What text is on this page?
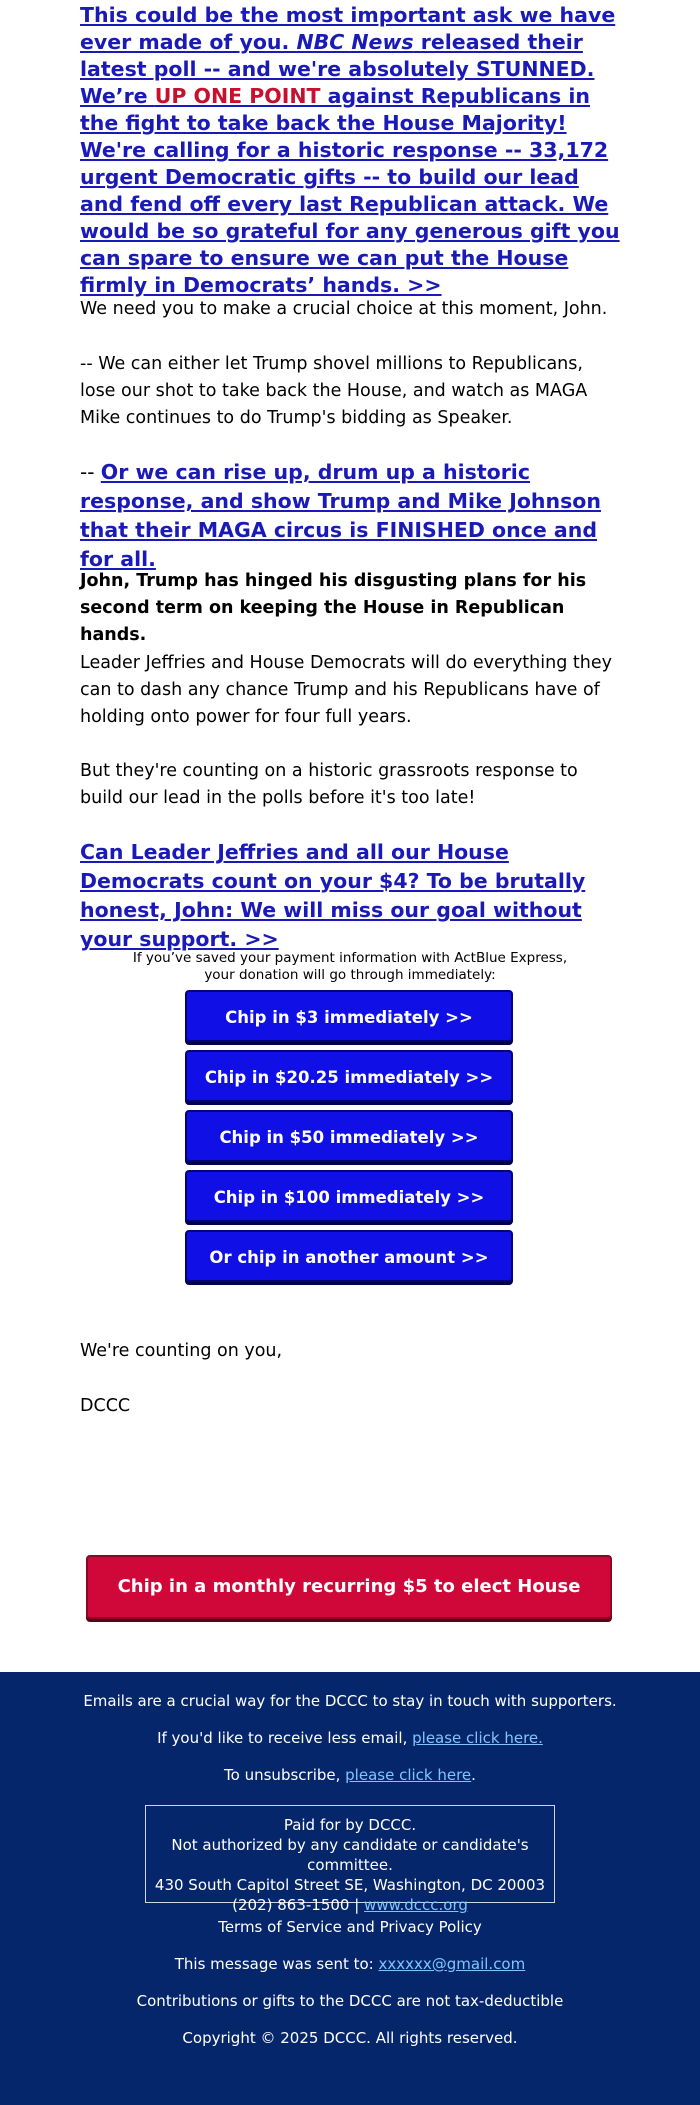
This could be the most important ask we have ever made of you. NBC News released their latest poll -- and we're absolutely STUNNED. We’re UP ONE POINT against Republicans in the fight to take back the House Majority! We're calling for a historic response -- 33,172 urgent Democratic gifts -- to build our lead and fend off every last Republican attack. We would be so grateful for any generous gift you can spare to ensure we can put the House firmly in Democrats’ hands. >>

We need you to make a crucial choice at this moment, John.

-- We can either let Trump shovel millions to Republicans, lose our shot to take back the House, and watch as MAGA Mike continues to do Trump's bidding as Speaker.

-- Or we can rise up, drum up a historic response, and show Trump and Mike Johnson that their MAGA circus is FINISHED once and for all.

John, Trump has hinged his disgusting plans for his second term on keeping the House in Republican hands.

Leader Jeffries and House Democrats will do everything they can to dash any chance Trump and his Republicans have of holding onto power for four full years.

But they're counting on a historic grassroots response to build our lead in the polls before it's too late!

Can Leader Jeffries and all our House Democrats count on your $4? To be brutally honest, John: We will miss our goal without your support. >>

If you’ve saved your payment information with ActBlue Express,
your donation will go through immediately:
Chip in $3 immediately >>
Chip in $20.25 immediately >>
Chip in $50 immediately >>
Chip in $100 immediately >>
Or chip in another amount >>
We're counting on you,
DCCC
Chip in a monthly recurring $5 to elect House Dems >>
Emails are a crucial way for the DCCC to stay in touch with supporters.
If you'd like to receive less email, please click here.
To unsubscribe, please click here.
Terms of Service and Privacy Policy
This message was sent to: xxxxxx@gmail.com
Contributions or gifts to the DCCC are not tax-deductible
Copyright © 2025 DCCC. All rights reserved.
Paid for by DCCC.
Not authorized by any candidate or candidate's committee.
430 South Capitol Street SE, Washington, DC 20003
(202) 863-1500 | www.dccc.org
